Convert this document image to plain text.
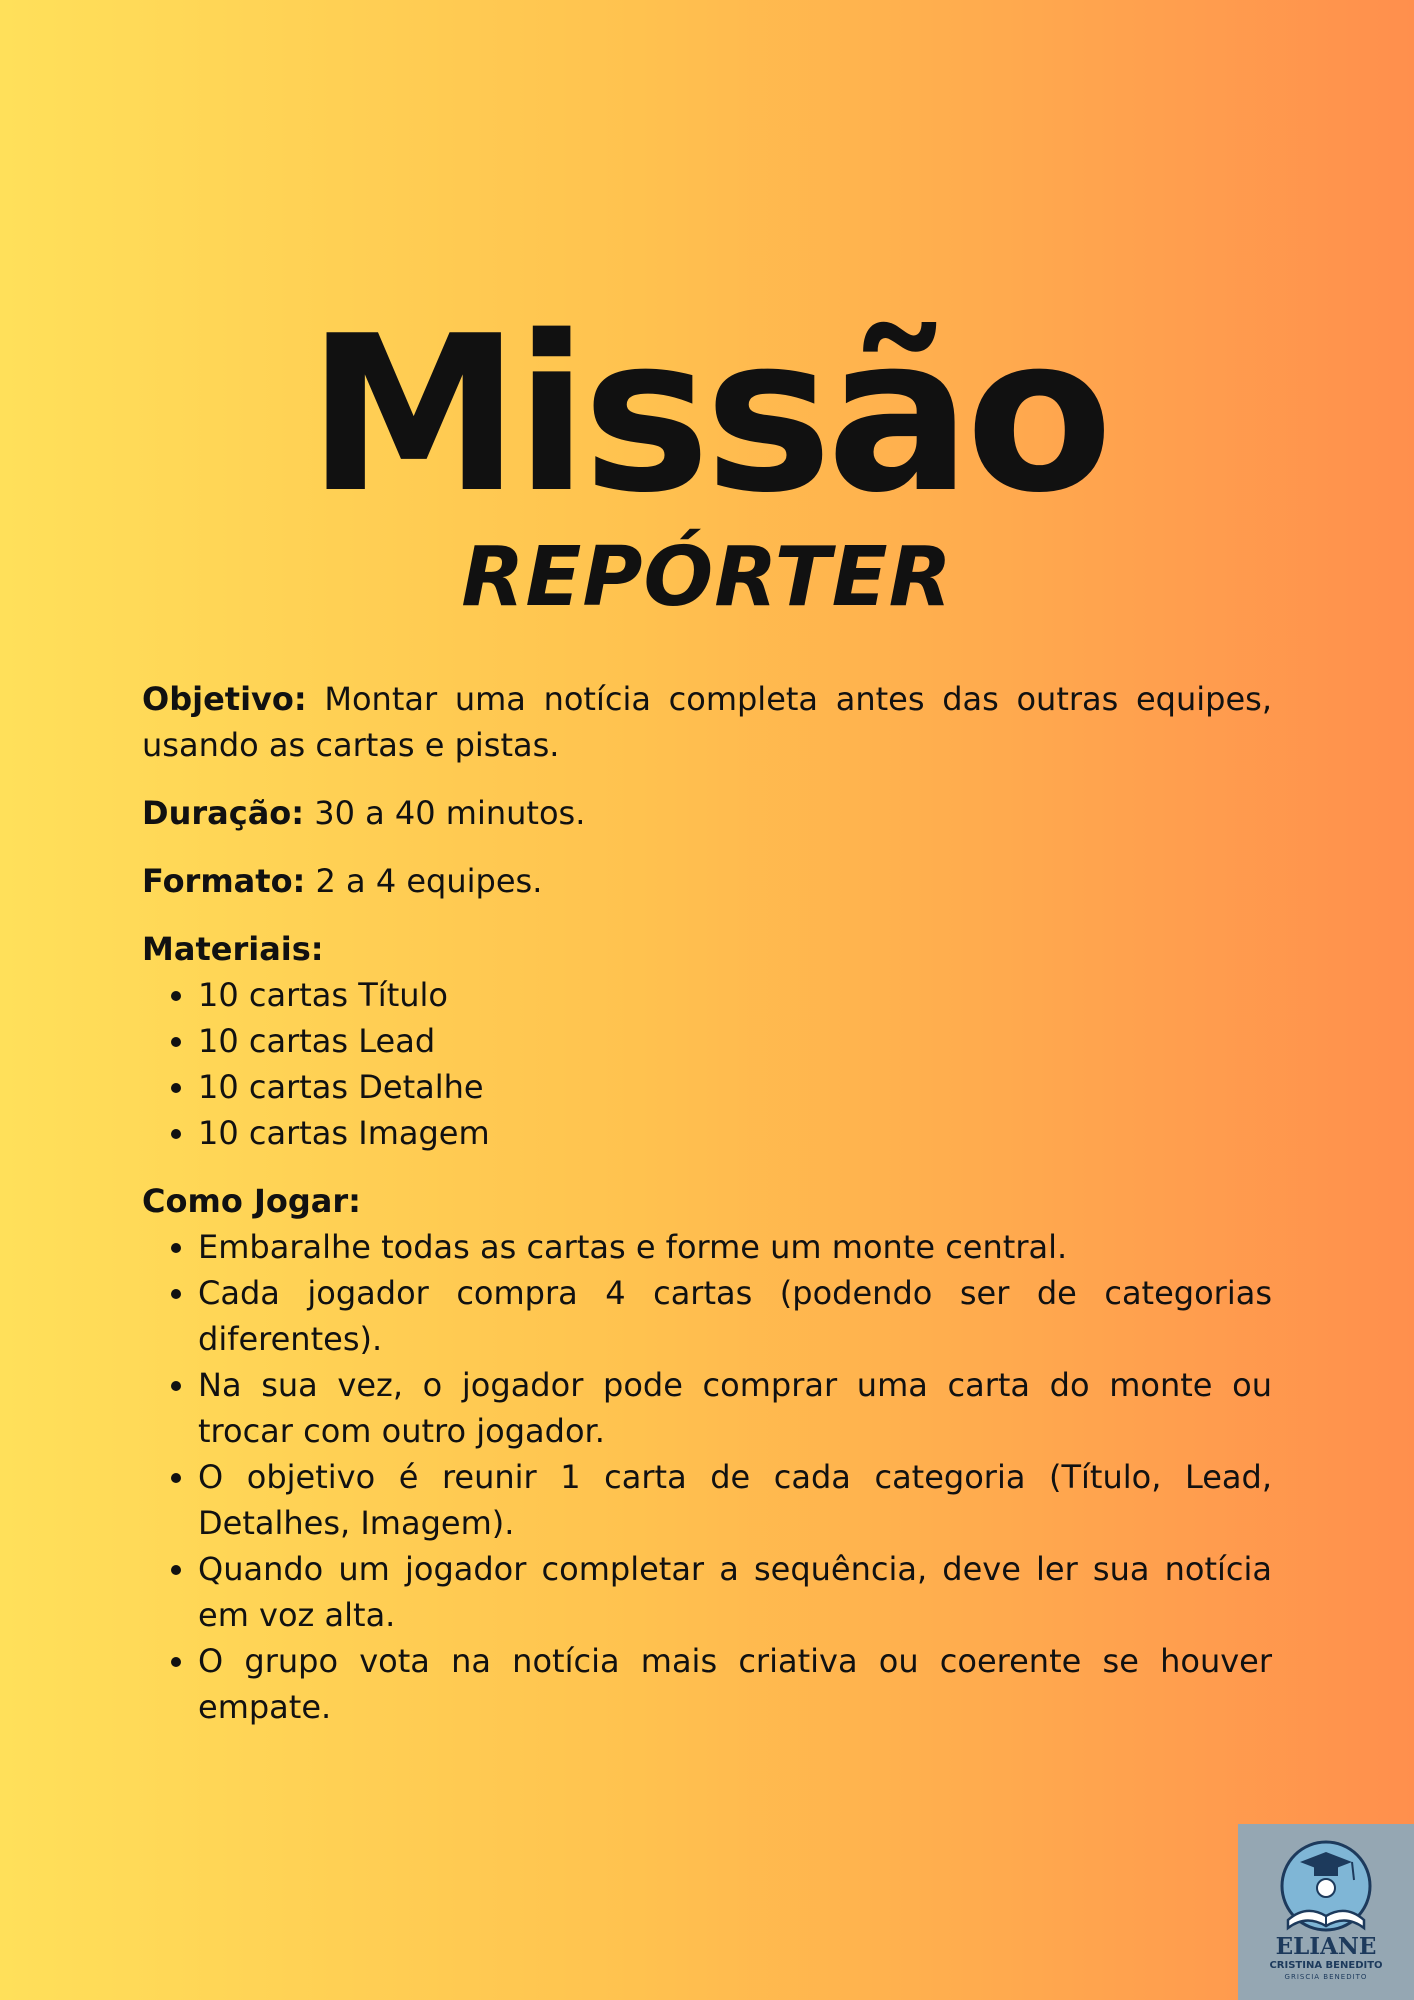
Missão
REPÓRTER

Objetivo: Montar uma notícia completa antes das outras equipes, usando as cartas e pistas.

Duração: 30 a 40 minutos.

Formato: 2 a 4 equipes.

Materiais:

• 10 cartas Título
• 10 cartas Lead
• 10 cartas Detalhe
• 10 cartas Imagem

Como Jogar:

• Embaralhe todas as cartas e forme um monte central.
• Cada jogador compra 4 cartas (podendo ser de categorias diferentes).
• Na sua vez, o jogador pode comprar uma carta do monte ou trocar com outro jogador.
• O objetivo é reunir 1 carta de cada categoria (Título, Lead, Detalhes, Imagem).
• Quando um jogador completar a sequência, deve ler sua notícia em voz alta.
• O grupo vota na notícia mais criativa ou coerente se houver empate.
ELIANE
CRISTINA BENEDITO
GRISCIA BENEDITO
